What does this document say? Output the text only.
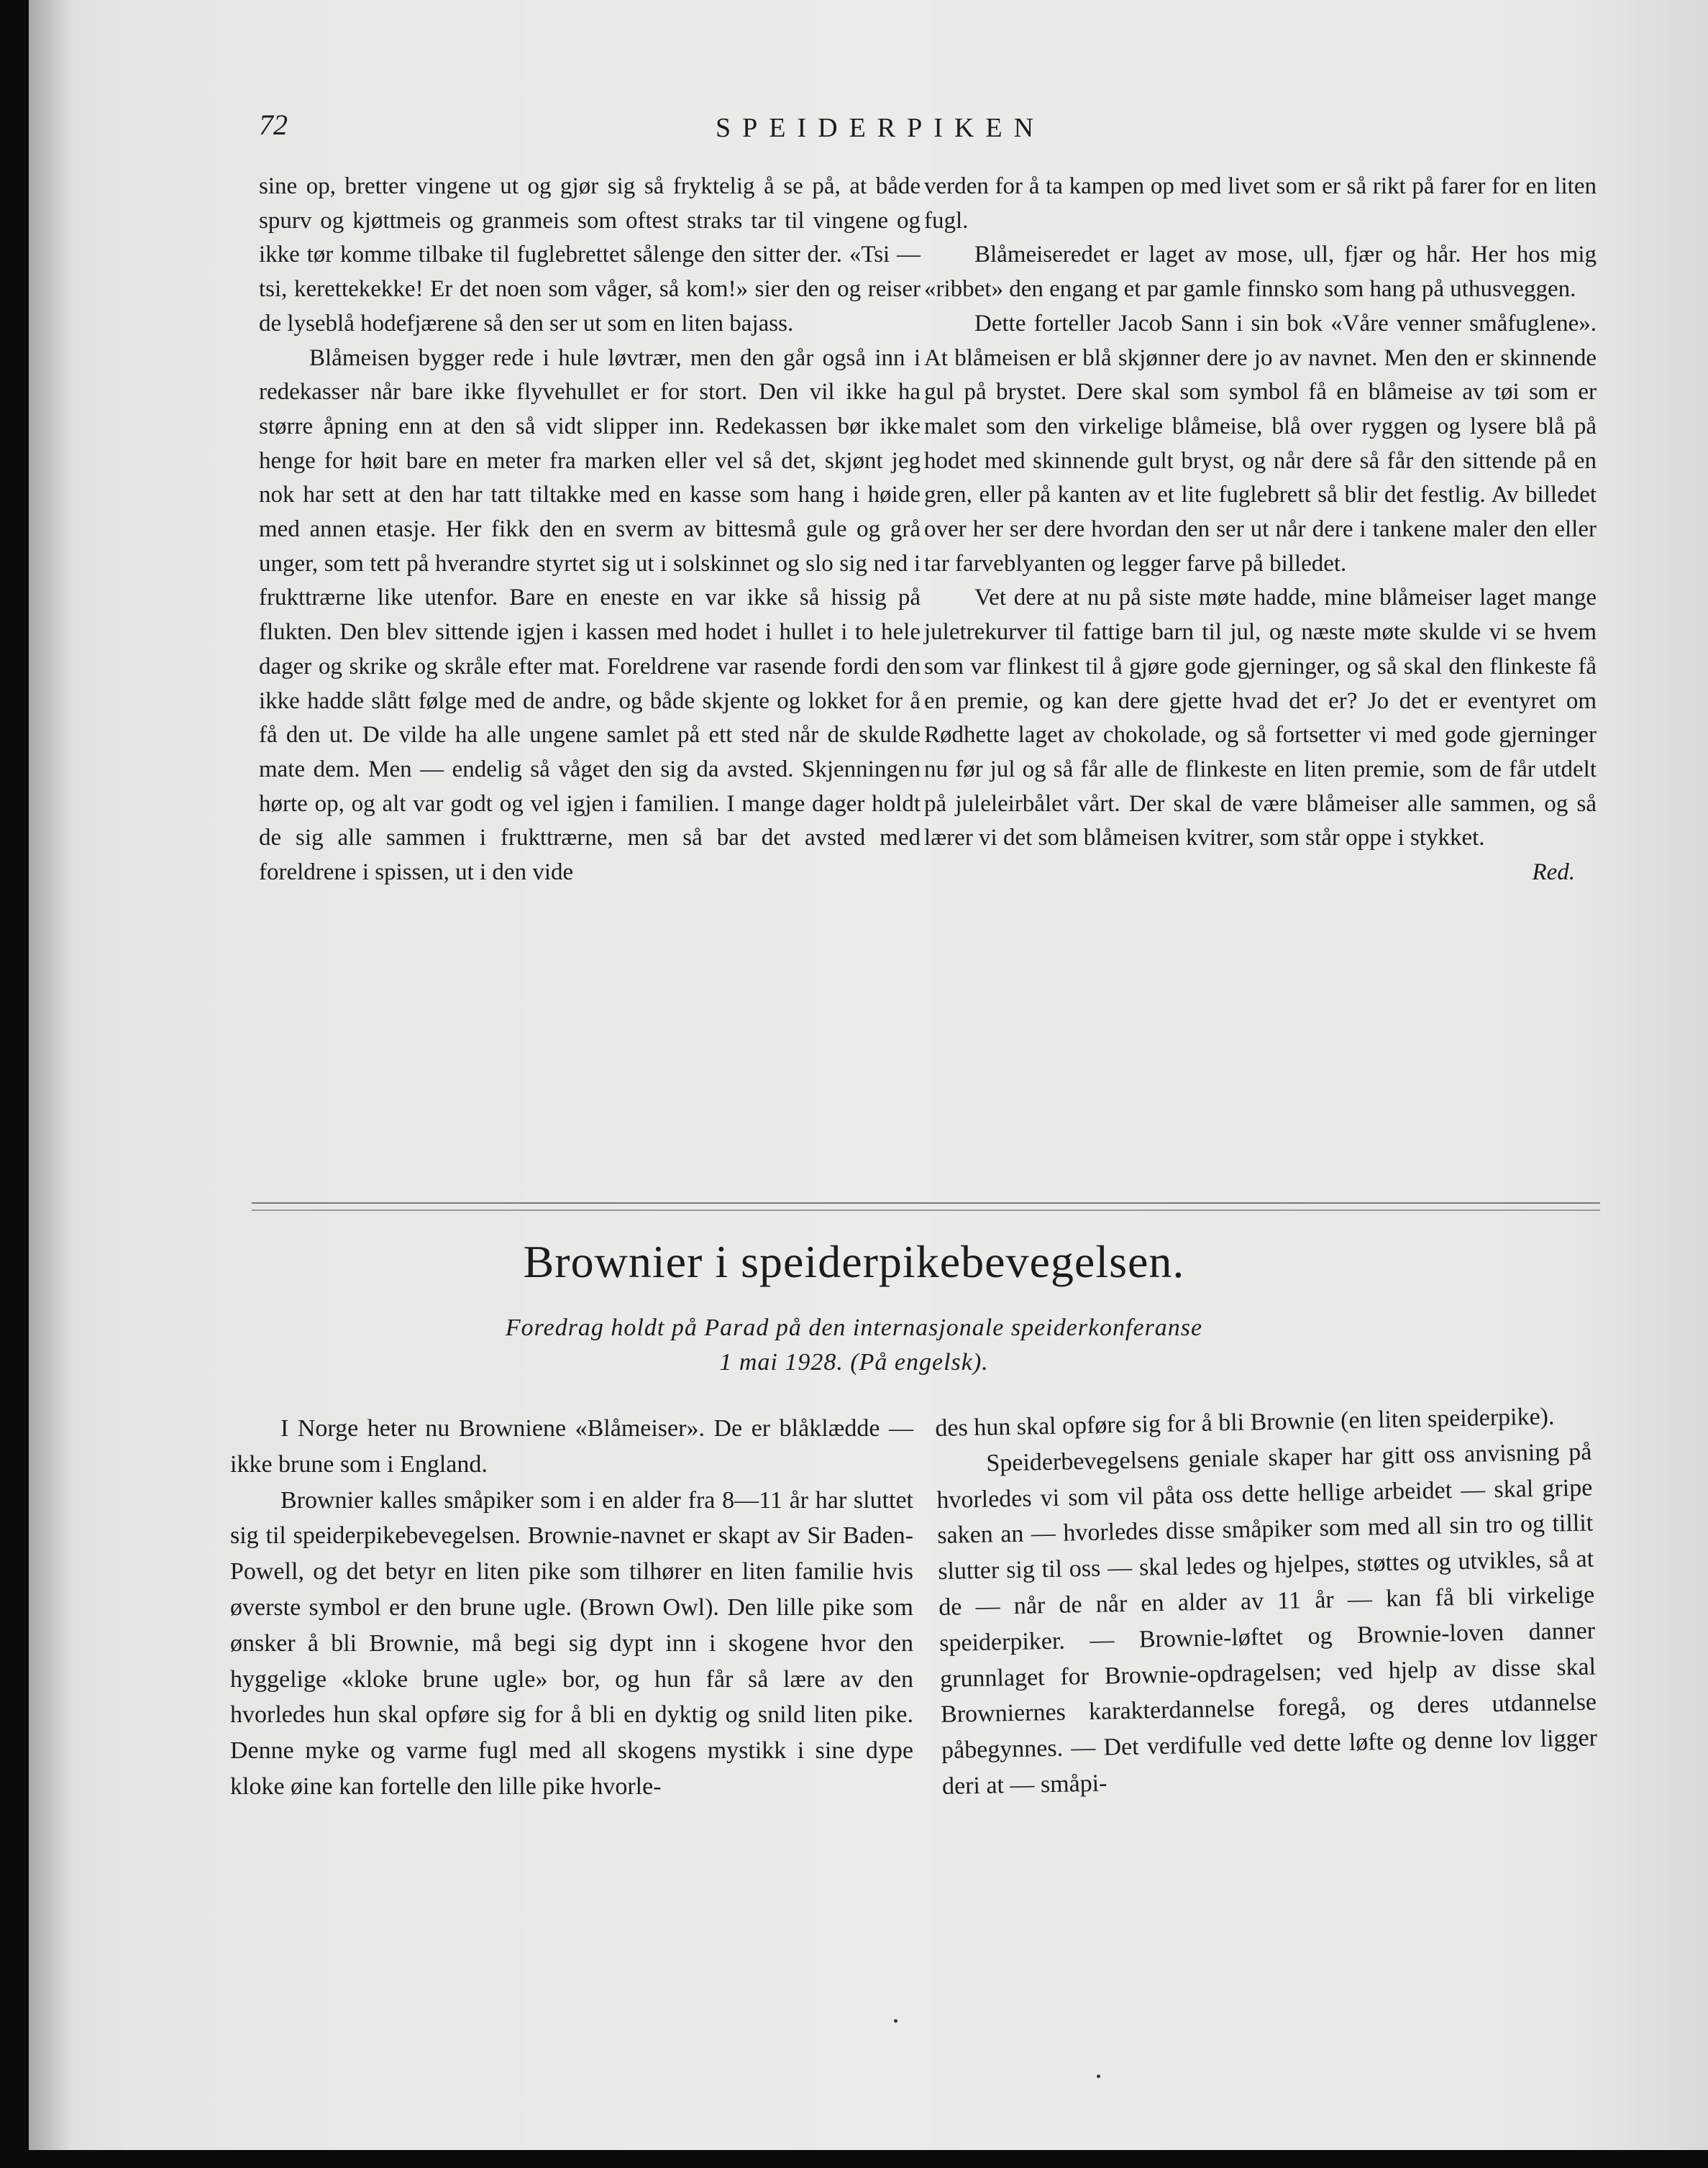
72	SPEIDERPIKEN

sine op, bretter vingene ut og gjør sig så fryktelig å se på, at både spurv og kjøttmeis og granmeis som oftest straks tar til vingene og ikke tør komme tilbake til fuglebrettet sålenge den sitter der. «Tsi — tsi, kerettekekke! Er det noen som våger, så kom!» sier den og reiser de lyseblå hodefjærene så den ser ut som en liten bajass.

Blåmeisen bygger rede i hule løvtrær, men den går også inn i redekasser når bare ikke flyvehullet er for stort. Den vil ikke ha større åpning enn at den så vidt slipper inn. Redekassen bør ikke henge for høit bare en meter fra marken eller vel så det, skjønt jeg nok har sett at den har tatt tiltakke med en kasse som hang i høide med annen etasje. Her fikk den en sverm av bittesmå gule og grå unger, som tett på hverandre styrtet sig ut i solskinnet og slo sig ned i frukttrærne like utenfor. Bare en eneste en var ikke så hissig på flukten. Den blev sittende igjen i kassen med hodet i hullet i to hele dager og skrike og skråle efter mat. Foreldrene var rasende fordi den ikke hadde slått følge med de andre, og både skjente og lokket for å få den ut. De vilde ha alle ungene samlet på ett sted når de skulde mate dem. Men — endelig så våget den sig da avsted. Skjenningen hørte op, og alt var godt og vel igjen i familien. I mange dager holdt de sig alle sammen i frukttrærne, men så bar det avsted med foreldrene i spissen, ut i den vide

verden for å ta kampen op med livet som er så rikt på farer for en liten fugl.

Blåmeiseredet er laget av mose, ull, fjær og hår. Her hos mig «ribbet» den engang et par gamle finnsko som hang på uthusveggen.

Dette forteller Jacob Sann i sin bok «Våre venner småfuglene». At blåmeisen er blå skjønner dere jo av navnet. Men den er skinnende gul på brystet. Dere skal som symbol få en blåmeise av tøi som er malet som den virkelige blåmeise, blå over ryggen og lysere blå på hodet med skinnende gult bryst, og når dere så får den sittende på en gren, eller på kanten av et lite fuglebrett så blir det festlig. Av billedet over her ser dere hvordan den ser ut når dere i tankene maler den eller tar farveblyanten og legger farve på billedet.

Vet dere at nu på siste møte hadde, mine blåmeiser laget mange juletrekurver til fattige barn til jul, og næste møte skulde vi se hvem som var flinkest til å gjøre gode gjerninger, og så skal den flinkeste få en premie, og kan dere gjette hvad det er? Jo det er eventyret om Rødhette laget av chokolade, og så fortsetter vi med gode gjerninger nu før jul og så får alle de flinkeste en liten premie, som de får utdelt på juleleirbålet vårt. Der skal de være blåmeiser alle sammen, og så lærer vi det som blåmeisen kvitrer, som står oppe i stykket.
Red.

Brownier i speiderpikebevegelsen.
Foredrag holdt på Parad på den internasjonale speiderkonferanse
1 mai 1928. (På engelsk).

I Norge heter nu Browniene «Blåmeiser». De er blåklædde — ikke brune som i England.

Brownier kalles småpiker som i en alder fra 8—11 år har sluttet sig til speiderpikebevegelsen. Brownie-navnet er skapt av Sir Baden-Powell, og det betyr en liten pike som tilhører en liten familie hvis øverste symbol er den brune ugle. (Brown Owl). Den lille pike som ønsker å bli Brownie, må begi sig dypt inn i skogene hvor den hyggelige «kloke brune ugle» bor, og hun får så lære av den hvorledes hun skal opføre sig for å bli en dyktig og snild liten pike. Denne myke og varme fugl med all skogens mystikk i sine dype kloke øine kan fortelle den lille pike hvorle-

des hun skal opføre sig for å bli Brownie (en liten speiderpike).

Speiderbevegelsens geniale skaper har gitt oss anvisning på hvorledes vi som vil påta oss dette hellige arbeidet — skal gripe saken an — hvorledes disse småpiker som med all sin tro og tillit slutter sig til oss — skal ledes og hjelpes, støttes og utvikles, så at de — når de når en alder av 11 år — kan få bli virkelige speiderpiker. — Brownie-løftet og Brownie-loven danner grunnlaget for Brownie-opdragelsen; ved hjelp av disse skal Browniernes karakterdannelse foregå, og deres utdannelse påbegynnes. — Det verdifulle ved dette løfte og denne lov ligger deri at — småpi-
